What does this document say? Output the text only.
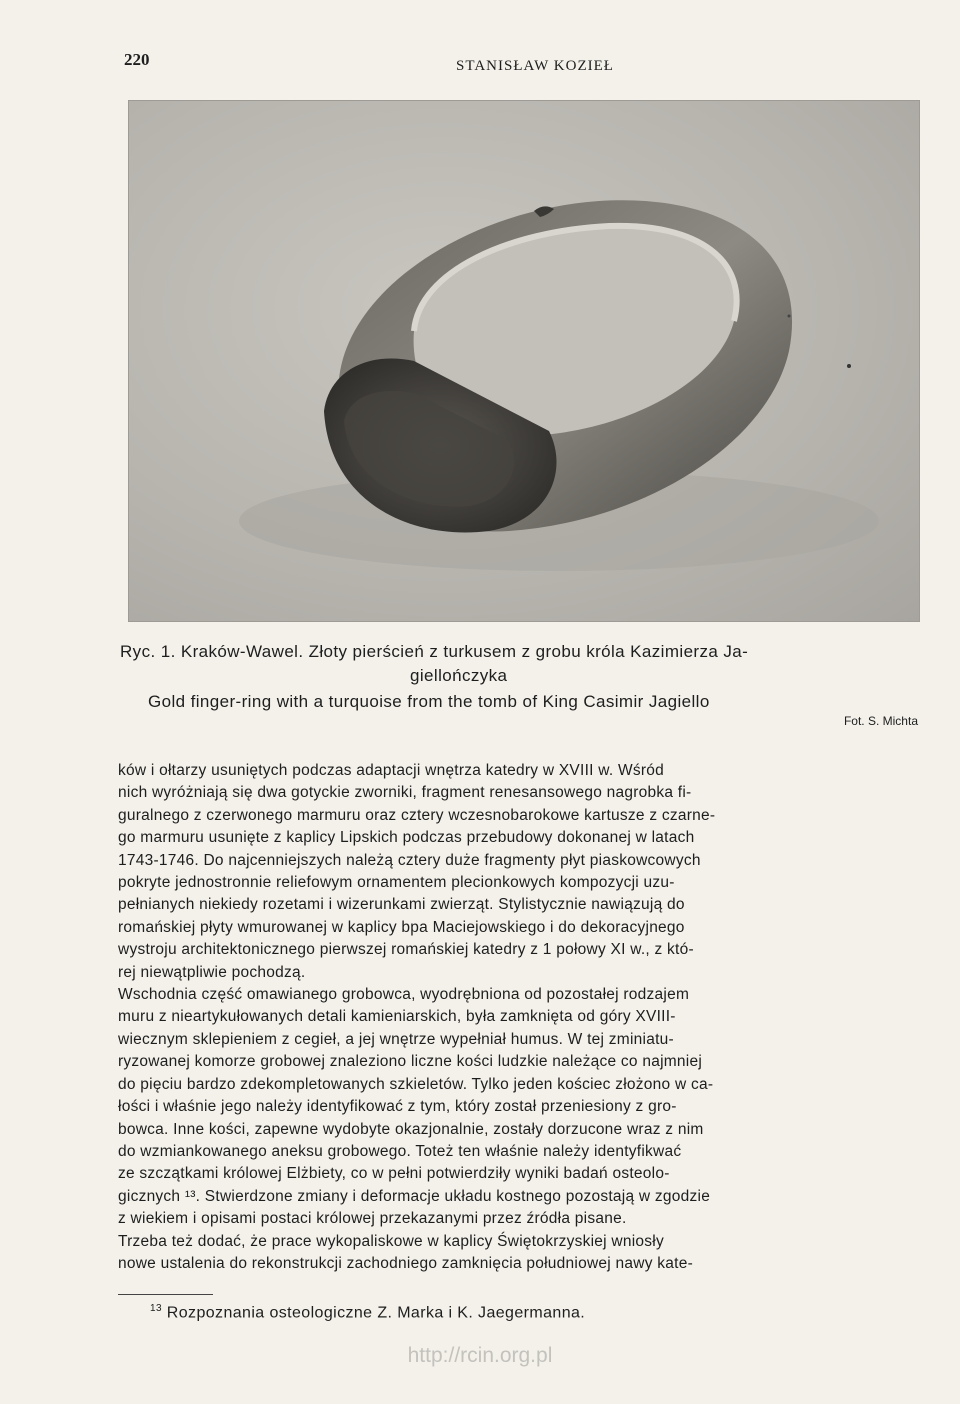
220	STANISŁAW KOZIEŁ
Ryc. 1. Kraków-Wawel. Złoty pierścień z turkusem z grobu króla Kazimierza Ja-
giellończyka
Gold finger-ring with a turquoise from the tomb of King Casimir Jagiello
Fot. S. Michta
ków i ołtarzy usuniętych podczas adaptacji wnętrza katedry w XVIII w. Wśród
nich wyróżniają się dwa gotyckie zworniki, fragment renesansowego nagrobka fi-
guralnego z czerwonego marmuru oraz cztery wczesnobarokowe kartusze z czarne-
go marmuru usunięte z kaplicy Lipskich podczas przebudowy dokonanej w latach
1743-1746. Do najcenniejszych należą cztery duże fragmenty płyt piaskowcowych
pokryte jednostronnie reliefowym ornamentem plecionkowych kompozycji uzu-
pełnianych niekiedy rozetami i wizerunkami zwierząt. Stylistycznie nawiązują do
romańskiej płyty wmurowanej w kaplicy bpa Maciejowskiego i do dekoracyjnego
wystroju architektonicznego pierwszej romańskiej katedry z 1 połowy XI w., z któ-
rej niewątpliwie pochodzą.
Wschodnia część omawianego grobowca, wyodrębniona od pozostałej rodzajem
muru z nieartykułowanych detali kamieniarskich, była zamknięta od góry XVIII-
wiecznym sklepieniem z cegieł, a jej wnętrze wypełniał humus. W tej zminiatu-
ryzowanej komorze grobowej znaleziono liczne kości ludzkie należące co najmniej
do pięciu bardzo zdekompletowanych szkieletów. Tylko jeden kościec złożono w ca-
łości i właśnie jego należy identyfikować z tym, który został przeniesiony z gro-
bowca. Inne kości, zapewne wydobyte okazjonalnie, zostały dorzucone wraz z nim
do wzmiankowanego aneksu grobowego. Toteż ten właśnie należy identyfikwać
ze szczątkami królowej Elżbiety, co w pełni potwierdziły wyniki badań osteolo-
gicznych ¹³. Stwierdzone zmiany i deformacje układu kostnego pozostają w zgodzie
z wiekiem i opisami postaci królowej przekazanymi przez źródła pisane.
Trzeba też dodać, że prace wykopaliskowe w kaplicy Świętokrzyskiej wniosły
nowe ustalenia do rekonstrukcji zachodniego zamknięcia południowej nawy kate-
$^{13}$ Rozpoznania osteologiczne Z. Marka i K. Jaegermanna.
http://rcin.org.pl
